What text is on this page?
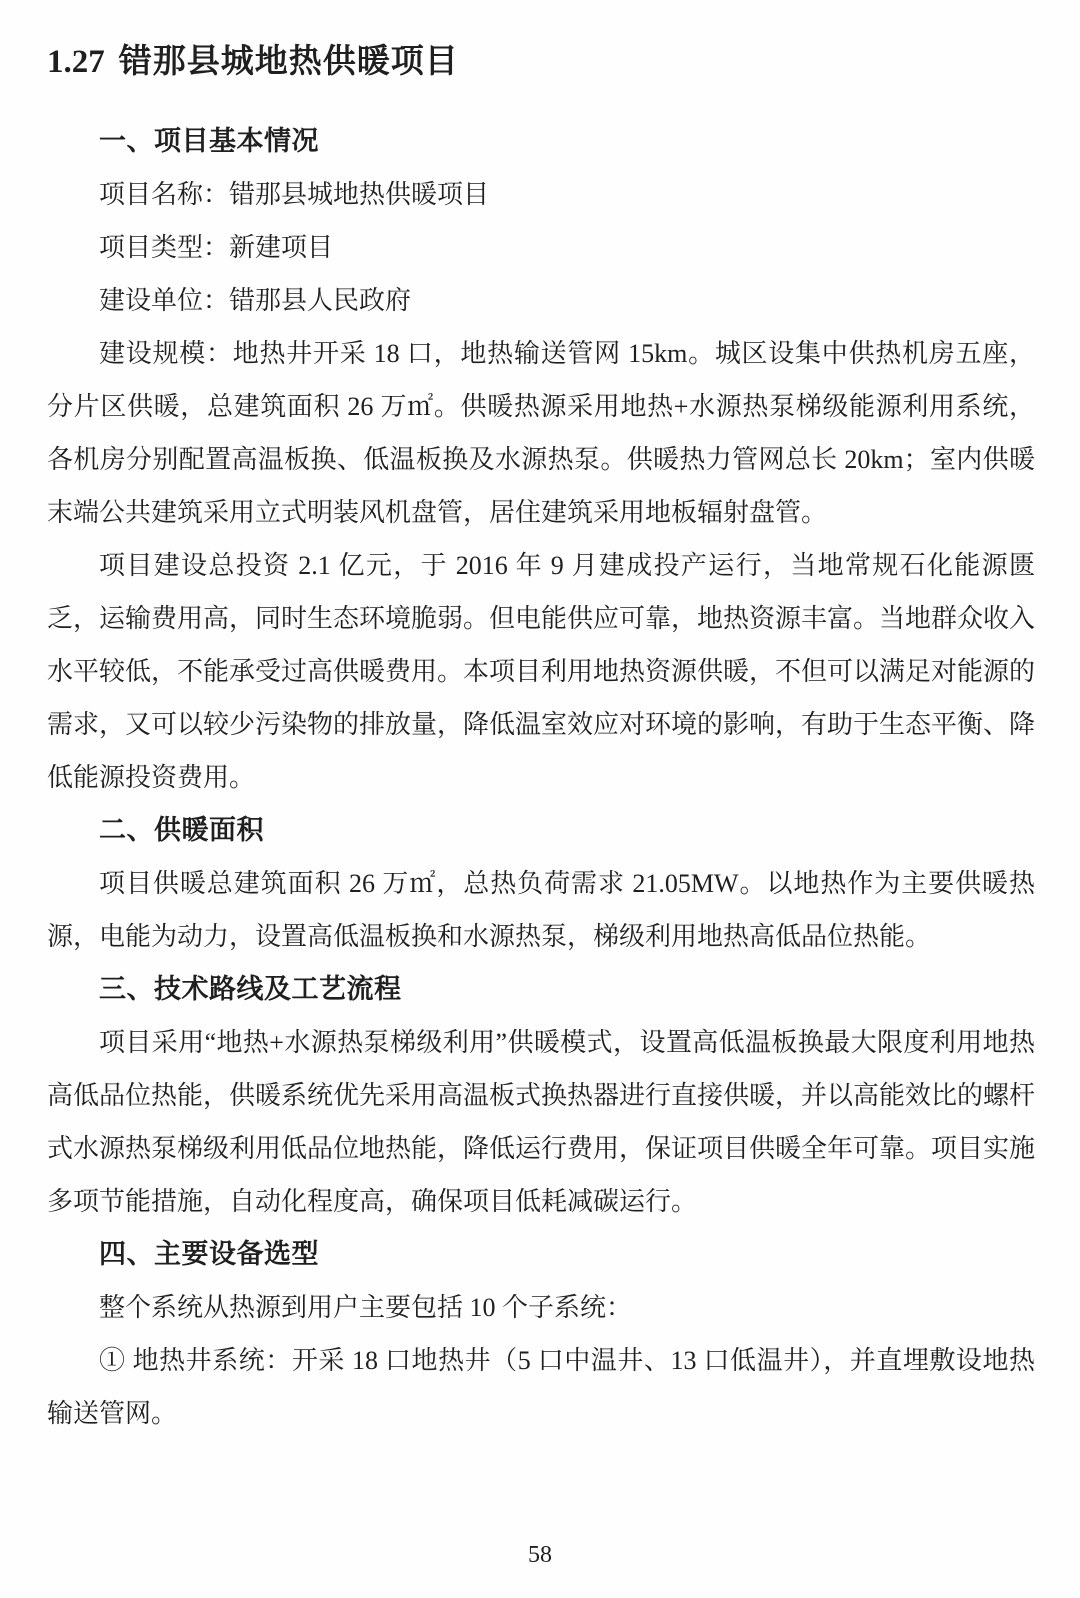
1.27 错那县城地热供暖项目
一、项目基本情况

项目名称：错那县城地热供暖项目

项目类型：新建项目

建设单位：错那县人民政府

建设规模：地热井开采 18 口，地热输送管网 15km。城区设集中供热机房五座，分片区供暖，总建筑面积 26 万㎡。供暖热源采用地热+水源热泵梯级能源利用系统，各机房分别配置高温板换、低温板换及水源热泵。供暖热力管网总长 20km；室内供暖末端公共建筑采用立式明装风机盘管，居住建筑采用地板辐射盘管。

项目建设总投资 2.1 亿元，于 2016 年 9 月建成投产运行，当地常规石化能源匮乏，运输费用高，同时生态环境脆弱。但电能供应可靠，地热资源丰富。当地群众收入水平较低，不能承受过高供暖费用。本项目利用地热资源供暖，不但可以满足对能源的需求，又可以较少污染物的排放量，降低温室效应对环境的影响，有助于生态平衡、降低能源投资费用。

二、供暖面积

项目供暖总建筑面积 26 万㎡，总热负荷需求 21.05MW。以地热作为主要供暖热源，电能为动力，设置高低温板换和水源热泵，梯级利用地热高低品位热能。

三、技术路线及工艺流程

项目采用“地热+水源热泵梯级利用”供暖模式，设置高低温板换最大限度利用地热高低品位热能，供暖系统优先采用高温板式换热器进行直接供暖，并以高能效比的螺杆式水源热泵梯级利用低品位地热能，降低运行费用，保证项目供暖全年可靠。项目实施多项节能措施，自动化程度高，确保项目低耗减碳运行。

四、主要设备选型

整个系统从热源到用户主要包括 10 个子系统：

① 地热井系统：开采 18 口地热井（5 口中温井、13 口低温井），并直埋敷设地热输送管网。

58
